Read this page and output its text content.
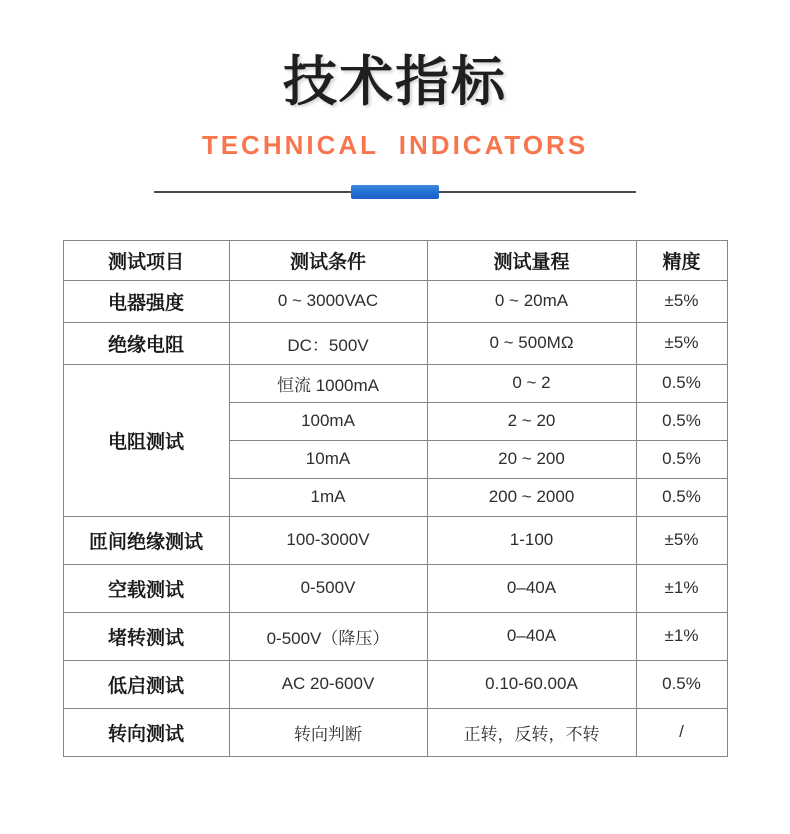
技术指标
TECHNICAL INDICATORS
测试项目	测试条件	测试量程	精度
电器强度	0 ~ 3000VAC	0 ~ 20mA	±5%
绝缘电阻	DC：500V	0 ~ 500MΩ	±5%
电阻测试	恒流 1000mA	0 ~ 2	0.5%
	100mA	2 ~ 20	0.5%
	10mA	20 ~ 200	0.5%
	1mA	200 ~ 2000	0.5%
匝间绝缘测试	100-3000V	1-100	±5%
空载测试	0-500V	0–40A	±1%
堵转测试	0-500V（降压）	0–40A	±1%
低启测试	AC 20-600V	0.10-60.00A	0.5%
转向测试	转向判断	正转，反转，不转	/
